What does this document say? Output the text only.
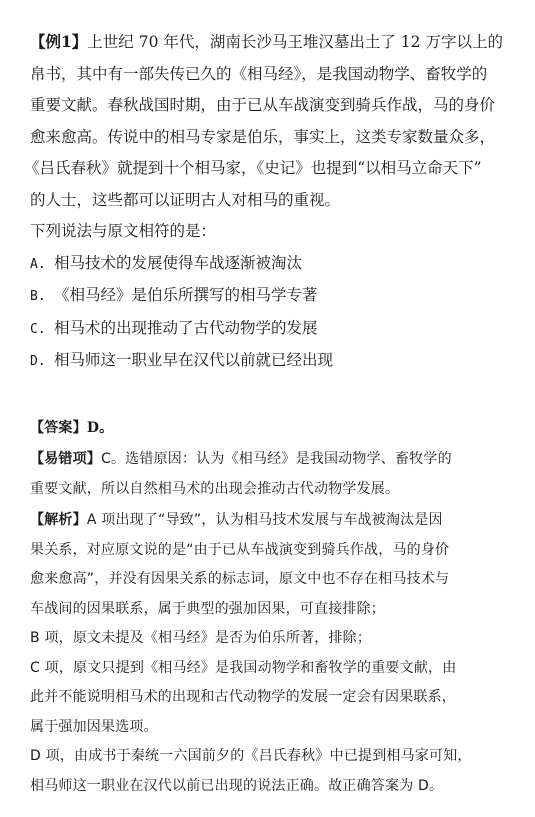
【例1】上世纪 70 年代，湖南长沙马王堆汉墓出土了 12 万字以上的

帛书，其中有一部失传已久的《相马经》，是我国动物学、畜牧学的

重要文献。春秋战国时期，由于已从车战演变到骑兵作战，马的身价

愈来愈高。传说中的相马专家是伯乐，事实上，这类专家数量众多，

《吕氏春秋》就提到十个相马家，《史记》也提到“以相马立命天下”

的人士，这些都可以证明古人对相马的重视。

下列说法与原文相符的是：

A. 相马技术的发展使得车战逐渐被淘汰
B. 《相马经》是伯乐所撰写的相马学专著
C. 相马术的出现推动了古代动物学的发展
D. 相马师这一职业早在汉代以前就已经出现

【答案】D。

【易错项】C。选错原因：认为《相马经》是我国动物学、畜牧学的

重要文献，所以自然相马术的出现会推动古代动物学发展。

【解析】A 项出现了“导致”，认为相马技术发展与车战被淘汰是因

果关系，对应原文说的是“由于已从车战演变到骑兵作战，马的身价

愈来愈高”，并没有因果关系的标志词，原文中也不存在相马技术与

车战间的因果联系，属于典型的强加因果，可直接排除；

B 项，原文未提及《相马经》是否为伯乐所著，排除；

C 项，原文只提到《相马经》是我国动物学和畜牧学的重要文献，由

此并不能说明相马术的出现和古代动物学的发展一定会有因果联系，

属于强加因果选项。

D 项，由成书于秦统一六国前夕的《吕氏春秋》中已提到相马家可知，

相马师这一职业在汉代以前已出现的说法正确。故正确答案为 D。
